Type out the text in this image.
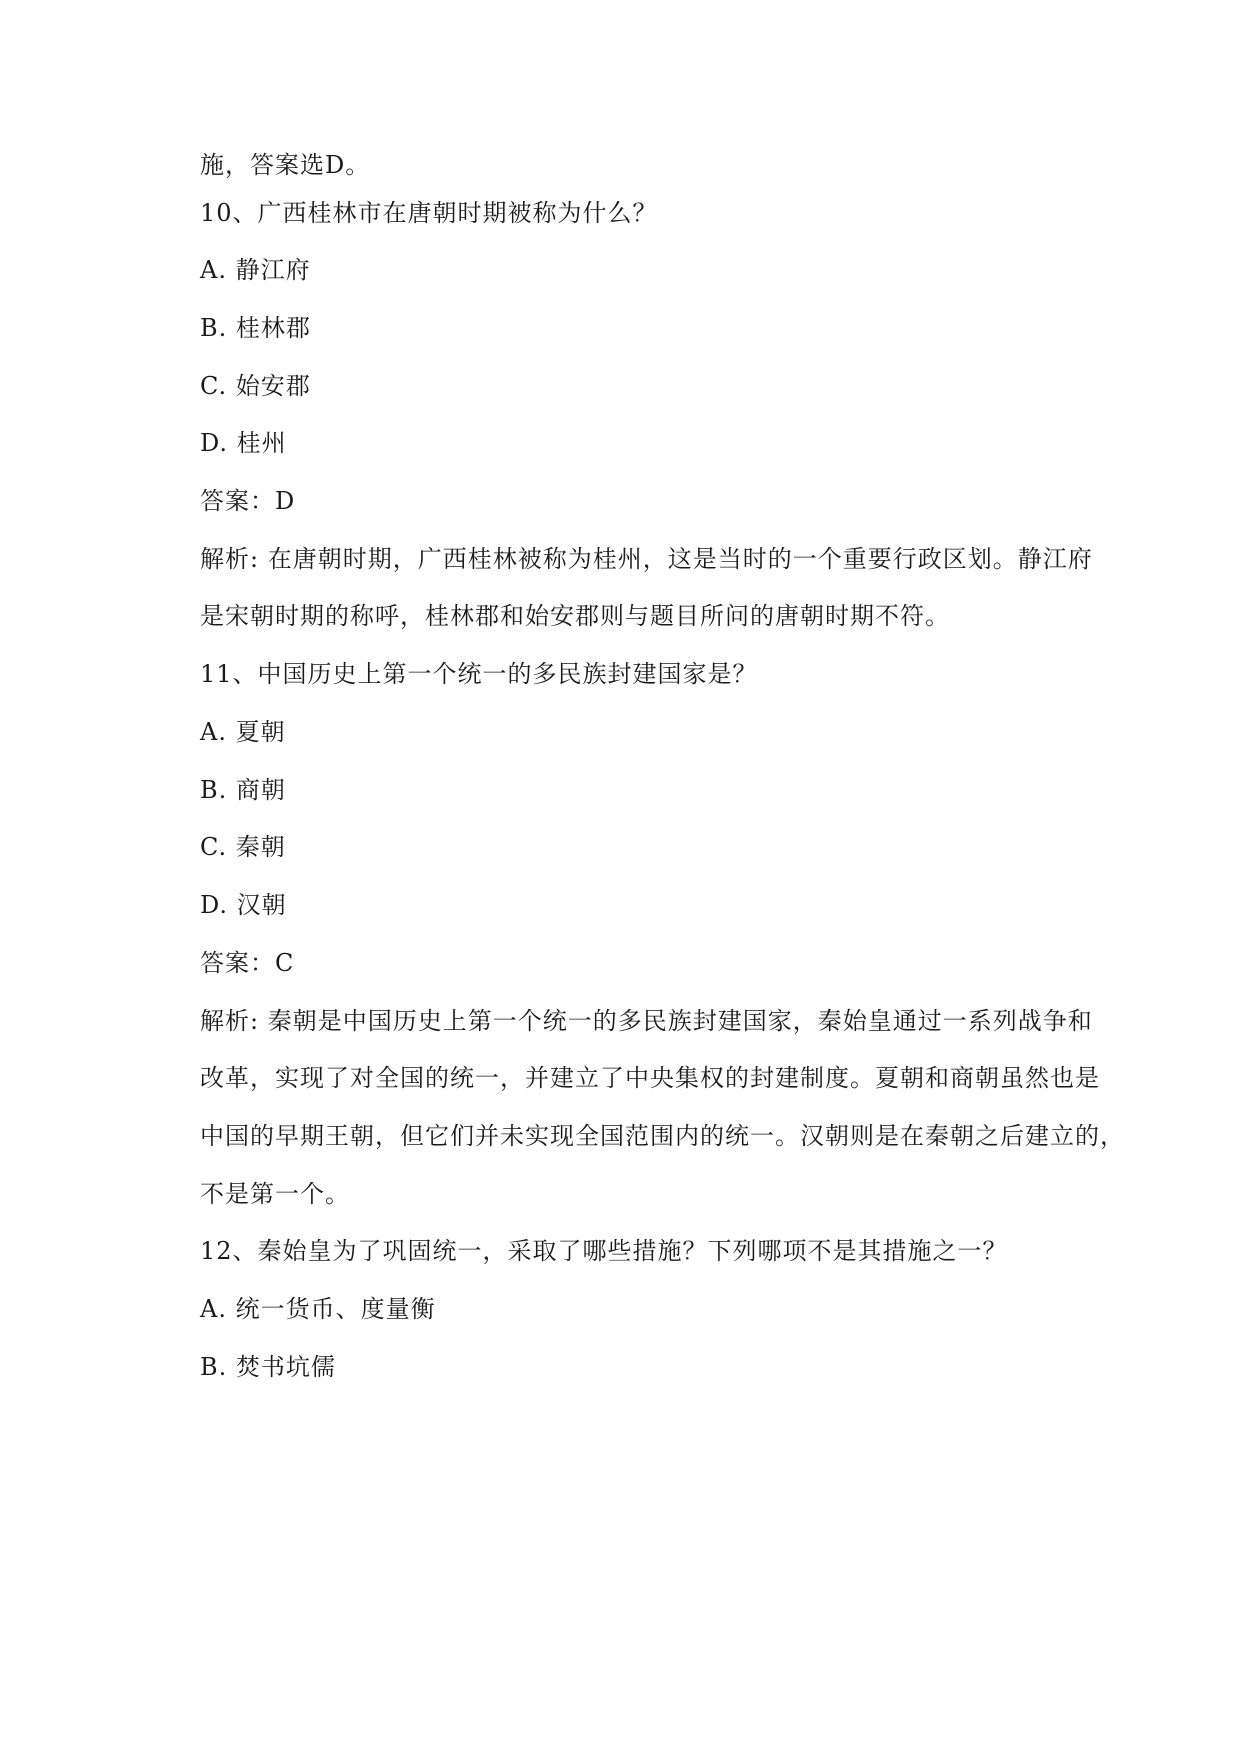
施，答案选D。
10、广西桂林市在唐朝时期被称为什么？
A. 静江府
B. 桂林郡
C. 始安郡
D. 桂州
答案：D
解析: 在唐朝时期，广西桂林被称为桂州，这是当时的一个重要行政区划。静江府
是宋朝时期的称呼，桂林郡和始安郡则与题目所问的唐朝时期不符。
11、中国历史上第一个统一的多民族封建国家是？
A. 夏朝
B. 商朝
C. 秦朝
D. 汉朝
答案：C
解析: 秦朝是中国历史上第一个统一的多民族封建国家，秦始皇通过一系列战争和
改革，实现了对全国的统一，并建立了中央集权的封建制度。夏朝和商朝虽然也是
中国的早期王朝，但它们并未实现全国范围内的统一。汉朝则是在秦朝之后建立的，
不是第一个。
12、秦始皇为了巩固统一，采取了哪些措施？下列哪项不是其措施之一？
A. 统一货币、度量衡
B. 焚书坑儒
